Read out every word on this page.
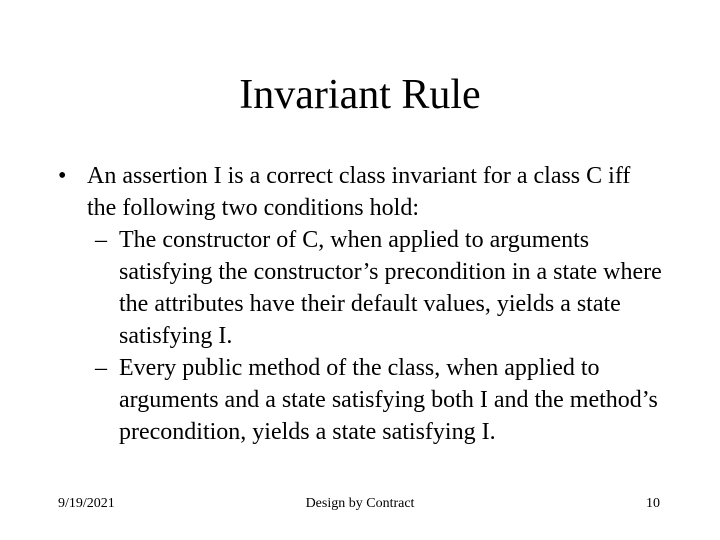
Invariant Rule
• An assertion I is a correct class invariant for a class C iff the following two conditions hold:
– The constructor of C, when applied to arguments satisfying the constructor’s precondition in a state where the attributes have their default values, yields a state satisfying I.
– Every public method of the class, when applied to arguments and a state satisfying both I and the method’s precondition, yields a state satisfying I.
9/19/2021	Design by Contract	10
